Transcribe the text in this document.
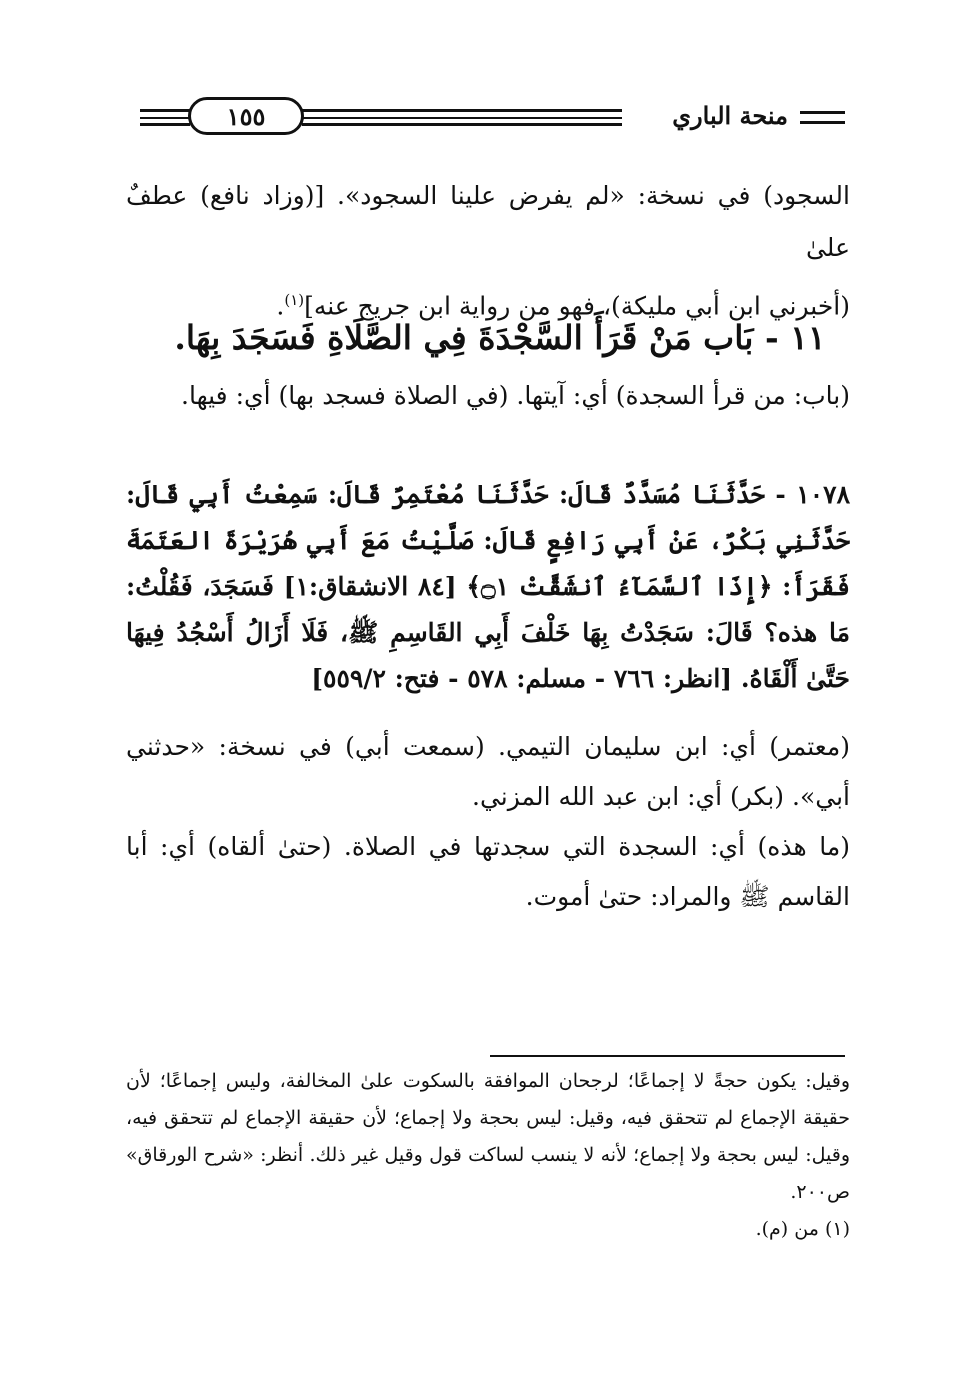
١٥٥	منحة الباري

السجود) في نسخة: «لم يفرض علينا السجود». [(وزاد نافع) عطفٌ علىٰ

(أخبرني ابن أبي مليكة)، فهو من رواية ابن جريج عنه]$^{(١)}$.

١١ - بَاب مَنْ قَرَأَ السَّجْدَةَ فِي الصَّلَاةِ فَسَجَدَ بِهَا.
(باب: من قرأ السجدة) أي: آيتها. (في الصلاة فسجد بها) أي: فيها.
١٠٧٨ - حَدَّثَنَا مُسَدَّدٌ قَالَ: حَدَّثَنَا مُعْتَمِرٌ قَالَ: سَمِعْتُ أَبِي قَالَ: حَدَّثَنِي بَكْرٌ، عَنْ أَبِي رَافِعٍ قَالَ: صَلَّيْتُ مَعَ أَبِي هُرَيْرَةَ العَتَمَةَ فَقَرَأَ: ﴿إِذَا ٱلسَّمَآءُ ٱنشَقَّتْ ۝١﴾ [٨٤ الانشقاق:١] فَسَجَدَ، فَقُلْتُ: مَا هذه؟ قَالَ: سَجَدْتُ بِهَا خَلْفَ أَبِي القَاسِمِ ﷺ، فَلَا أَزَالُ أَسْجُدُ فِيهَا حَتَّىٰ أَلْقَاهُ. [انظر: ٧٦٦ - مسلم: ٥٧٨ - فتح: ٥٥٩/٢]

(معتمر) أي: ابن سليمان التيمي. (سمعت أبي) في نسخة: «حدثني أبي». (بكر) أي: ابن عبد الله المزني.

(ما هذه) أي: السجدة التي سجدتها في الصلاة. (حتىٰ ألقاه) أي: أبا القاسم ﷺ والمراد: حتىٰ أموت.

وقيل: يكون حجةً لا إجماعًا؛ لرجحان الموافقة بالسكوت علىٰ المخالفة، وليس إجماعًا؛ لأن حقيقة الإجماع لم تتحقق فيه، وقيل: ليس بحجة ولا إجماع؛ لأن حقيقة الإجماع لم تتحقق فيه، وقيل: ليس بحجة ولا إجماع؛ لأنه لا ينسب لساكت قول وقيل غير ذلك. أنظر: «شرح الورقاق» ص٢٠٠.

(١) من (م).
